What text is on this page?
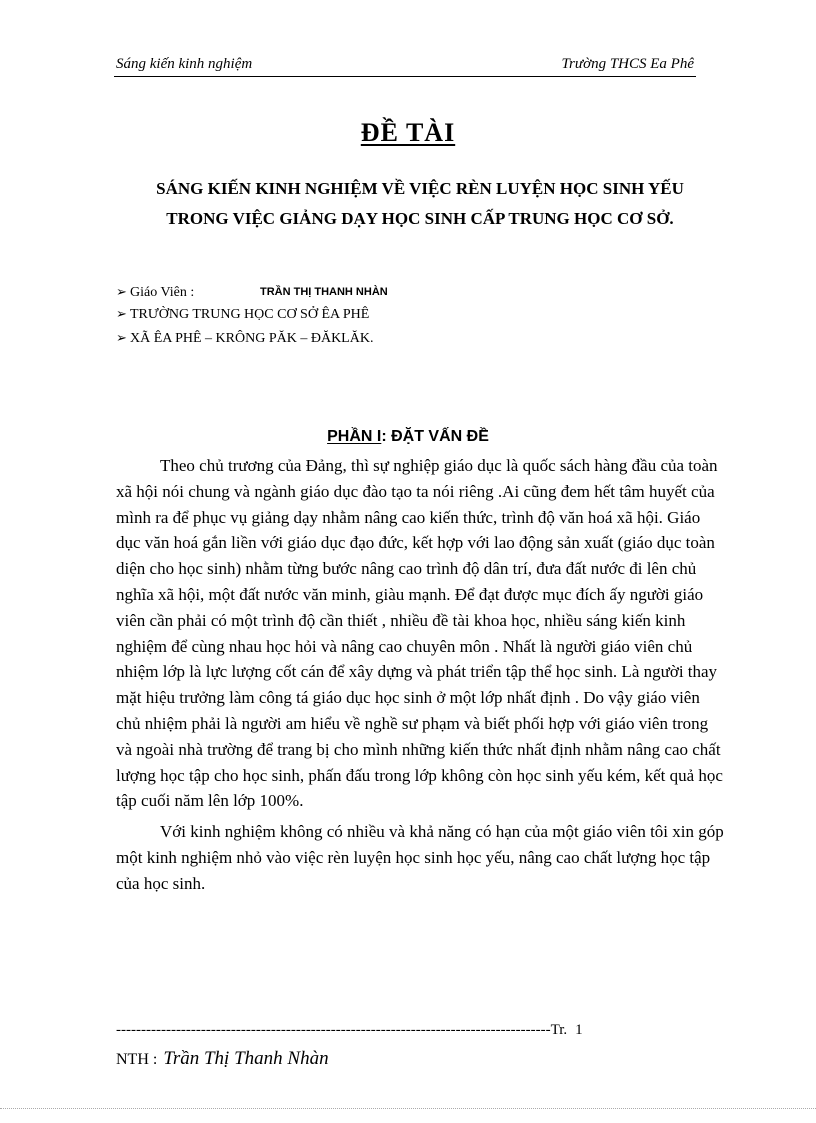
Sáng kiến kinh nghiệm	Trường THCS Ea Phê
ĐỀ TÀI
SÁNG KIẾN KINH NGHIỆM VỀ VIỆC RÈN LUYỆN HỌC SINH YẾU
TRONG VIỆC GIẢNG DẠY HỌC SINH CẤP TRUNG HỌC CƠ SỞ.
➢ Giáo Viên :	TRẦN THỊ THANH NHÀN
➢ TRƯỜNG TRUNG HỌC CƠ SỞ ÊA PHÊ
➢ XÃ ÊA PHÊ – KRÔNG PĂK – ĐĂKLĂK.
PHẦN I: ĐẶT VẤN ĐỀ

Theo chủ trương của Đảng, thì sự nghiệp giáo dục là quốc sách hàng đầu của toàn xã hội nói chung và ngành giáo dục đào tạo ta nói riêng .Ai cũng đem hết tâm huyết của mình ra để phục vụ giảng dạy nhằm nâng cao kiến thức, trình độ văn hoá xã hội. Giáo dục văn hoá gắn liền với giáo dục đạo đức, kết hợp với lao động sản xuất (giáo dục toàn diện cho học sinh) nhằm từng bước nâng cao trình độ dân trí, đưa đất nước đi lên chủ nghĩa xã hội, một đất nước văn minh, giàu mạnh. Để đạt được mục đích ấy người giáo viên cần phải có một trình độ cần thiết , nhiều đề tài khoa học, nhiều sáng kiến kinh nghiệm để cùng nhau học hỏi và nâng cao chuyên môn . Nhất là người giáo viên chủ nhiệm lớp là lực lượng cốt cán để xây dựng và phát triển tập thể học sinh. Là người thay mặt hiệu trưởng làm công tá giáo dục học sinh ở một lớp nhất định . Do vậy giáo viên chủ nhiệm phải là người am hiểu về nghề sư phạm và biết phối hợp với giáo viên trong và ngoài nhà trường để trang bị cho mình những kiến thức nhất định nhằm nâng cao chất lượng học tập cho học sinh, phấn đấu trong lớp không còn học sinh yếu kém, kết quả học tập cuối năm lên lớp 100%.

Với kinh nghiệm không có nhiều và khả năng có hạn của một giáo viên tôi xin góp một kinh nghiệm nhỏ vào việc rèn luyện học sinh học yếu, nâng cao chất lượng học tập của học sinh.

---------------------------------------------------------------------------------------Tr. 1
NTH : Trần Thị Thanh Nhàn
